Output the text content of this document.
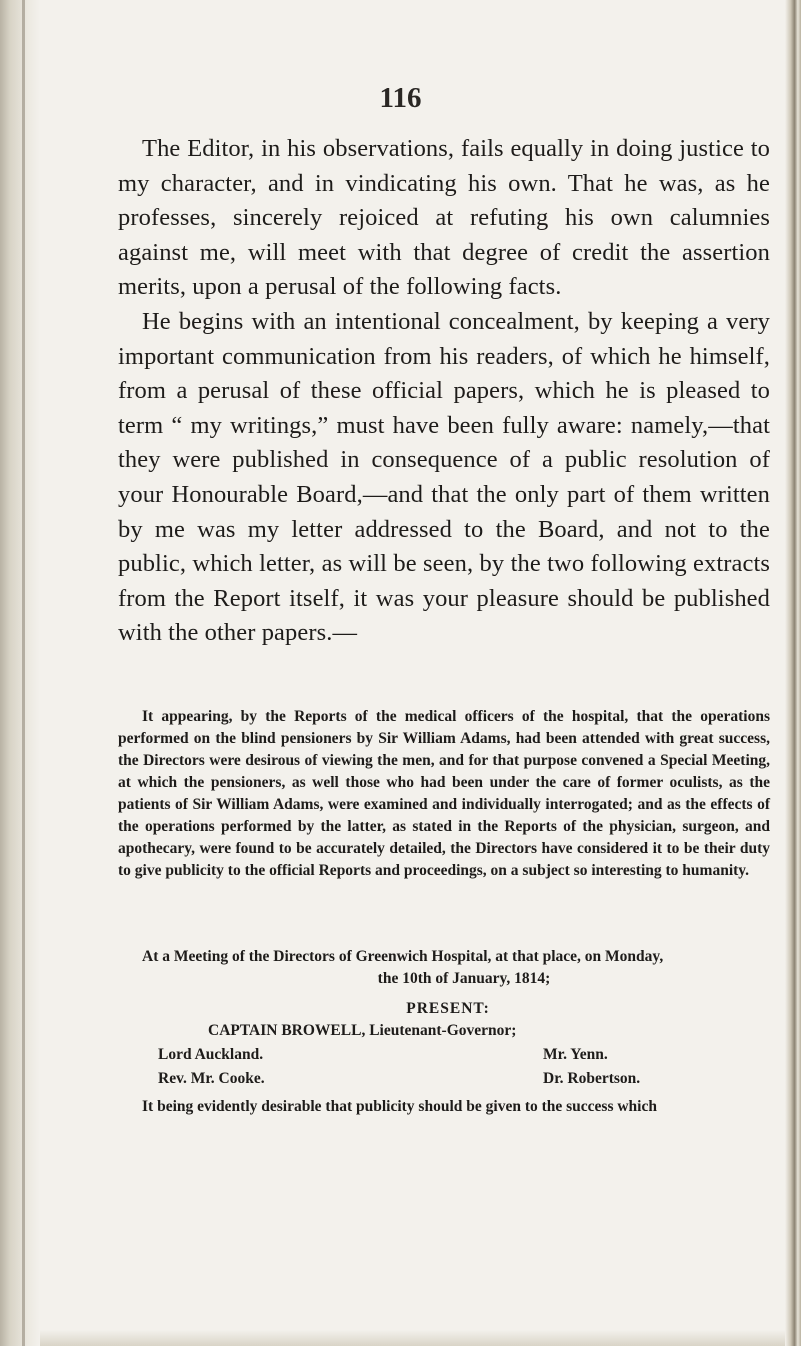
116

The Editor, in his observations, fails equally in doing justice to my character, and in vindicating his own. That he was, as he professes, sincerely rejoiced at refuting his own calumnies against me, will meet with that degree of credit the assertion merits, upon a perusal of the following facts.

He begins with an intentional concealment, by keeping a very important communication from his readers, of which he himself, from a perusal of these official papers, which he is pleased to term “ my writings,” must have been fully aware: namely,—that they were published in consequence of a public resolution of your Honourable Board,—and that the only part of them written by me was my letter addressed to the Board, and not to the public, which letter, as will be seen, by the two following extracts from the Report itself, it was your pleasure should be published with the other papers.—

It appearing, by the Reports of the medical officers of the hospital, that the operations performed on the blind pensioners by Sir William Adams, had been attended with great success, the Directors were desirous of viewing the men, and for that purpose convened a Special Meeting, at which the pensioners, as well those who had been under the care of former oculists, as the patients of Sir William Adams, were examined and individually interrogated; and as the effects of the operations performed by the latter, as stated in the Reports of the physician, surgeon, and apothecary, were found to be accurately detailed, the Directors have considered it to be their duty to give publicity to the official Reports and proceedings, on a subject so interesting to humanity.

At a Meeting of the Directors of Greenwich Hospital, at that place, on Monday,
the 10th of January, 1814;
PRESENT:
CAPTAIN BROWELL, Lieutenant-Governor;
Lord Auckland.	Mr. Yenn.
Rev. Mr. Cooke.	Dr. Robertson.
It being evidently desirable that publicity should be given to the success which
